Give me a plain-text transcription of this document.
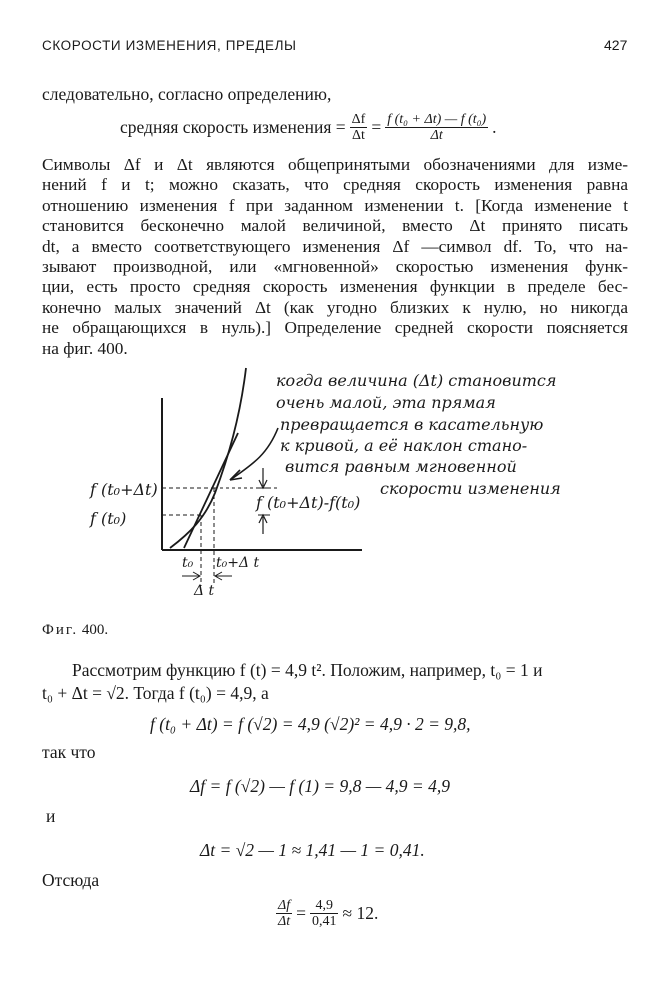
СКОРОСТИ ИЗМЕНЕНИЯ, ПРЕДЕЛЫ	427
следовательно, согласно определению,
средняя скорость изменения = $\frac{\Delta f}{\Delta t} = \frac{\text{f (t₀ + Δt) — f (t₀)}}{\Delta t}$ .
Символы Δf и Δt являются общепринятыми обозначениями для изме-
нений f и t; можно сказать, что средняя скорость изменения равна
отношению изменения f при заданном изменении t. [Когда изменение t
становится бесконечно малой величиной, вместо Δt принято писать
dt, а вместо соответствующего изменения Δf —символ df. То, что на-
зывают производной, или «мгновенной» скоростью изменения функ-
ции, есть просто средняя скорость изменения функции в пределе бес-
конечно малых значений Δt (как угодно близких к нулю, но никогда
не обращающихся в нуль).] Определение средней скорости поясняется
на фиг. 400.
f (t₀+Δt)
f (t₀)
t₀ t₀+Δ t
Δ t
f (t₀+Δt)-f(t₀)
когда величина (Δt) становится
очень малой, эта прямая
превращается в касательную
к кривой, а её наклон стано-
вится равным мгновенной
скорости изменения
Фиг. 400.
Рассмотрим функцию f (t) = 4,9 t². Положим, например, t₀ = 1 и
t₀ + Δt = √2. Тогда f (t₀) = 4,9, а
f (t₀ + Δt) = f (√2) = 4,9 (√2)² = 4,9 · 2 = 9,8,
так что
Δf = f (√2) — f (1) = 9,8 — 4,9 = 4,9
и
Δt = √2 — 1 ≈ 1,41 — 1 = 0,41.
Отсюда
$\frac{\Delta f}{\Delta t} = \frac{4,9}{0,41} \approx 12$.
